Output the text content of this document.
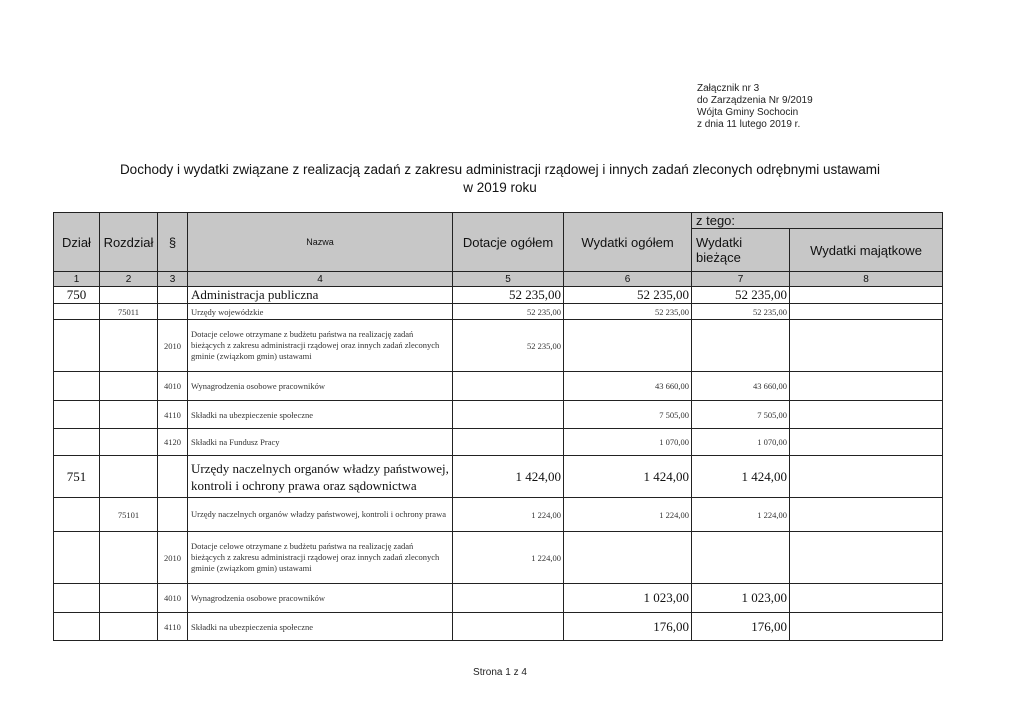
Załącznik nr 3
do Zarządzenia Nr 9/2019
Wójta Gminy Sochocin
z dnia 11 lutego 2019 r.
Dochody i wydatki związane z realizacją zadań z zakresu administracji rządowej i innych zadań zleconych odrębnymi ustawami
w 2019 roku
Dział	Rozdział	§	Nazwa	Dotacje ogółem	Wydatki ogółem	z tego:	
						Wydatki bieżące	Wydatki majątkowe
1	2	3	4	5	6	7	8
750			Administracja publiczna	52 235,00	52 235,00	52 235,00	
	75011		Urzędy wojewódzkie	52 235,00	52 235,00	52 235,00	
		2010	Dotacje celowe otrzymane z budżetu państwa na realizację zadań bieżących z zakresu administracji rządowej oraz innych zadań zleconych gminie (związkom gmin) ustawami	52 235,00			
		4010	Wynagrodzenia osobowe pracowników		43 660,00	43 660,00	
		4110	Składki na ubezpieczenie społeczne		7 505,00	7 505,00	
		4120	Składki na Fundusz Pracy		1 070,00	1 070,00	
751			Urzędy naczelnych organów władzy państwowej, kontroli i ochrony prawa oraz sądownictwa	1 424,00	1 424,00	1 424,00	
	75101		Urzędy naczelnych organów władzy państwowej, kontroli i ochrony prawa	1 224,00	1 224,00	1 224,00	
		2010	Dotacje celowe otrzymane z budżetu państwa na realizację zadań bieżących z zakresu administracji rządowej oraz innych zadań zleconych gminie (związkom gmin) ustawami	1 224,00			
		4010	Wynagrodzenia osobowe pracowników		1 023,00	1 023,00	
		4110	Składki na ubezpieczenia społeczne		176,00	176,00	
Strona 1 z 4
